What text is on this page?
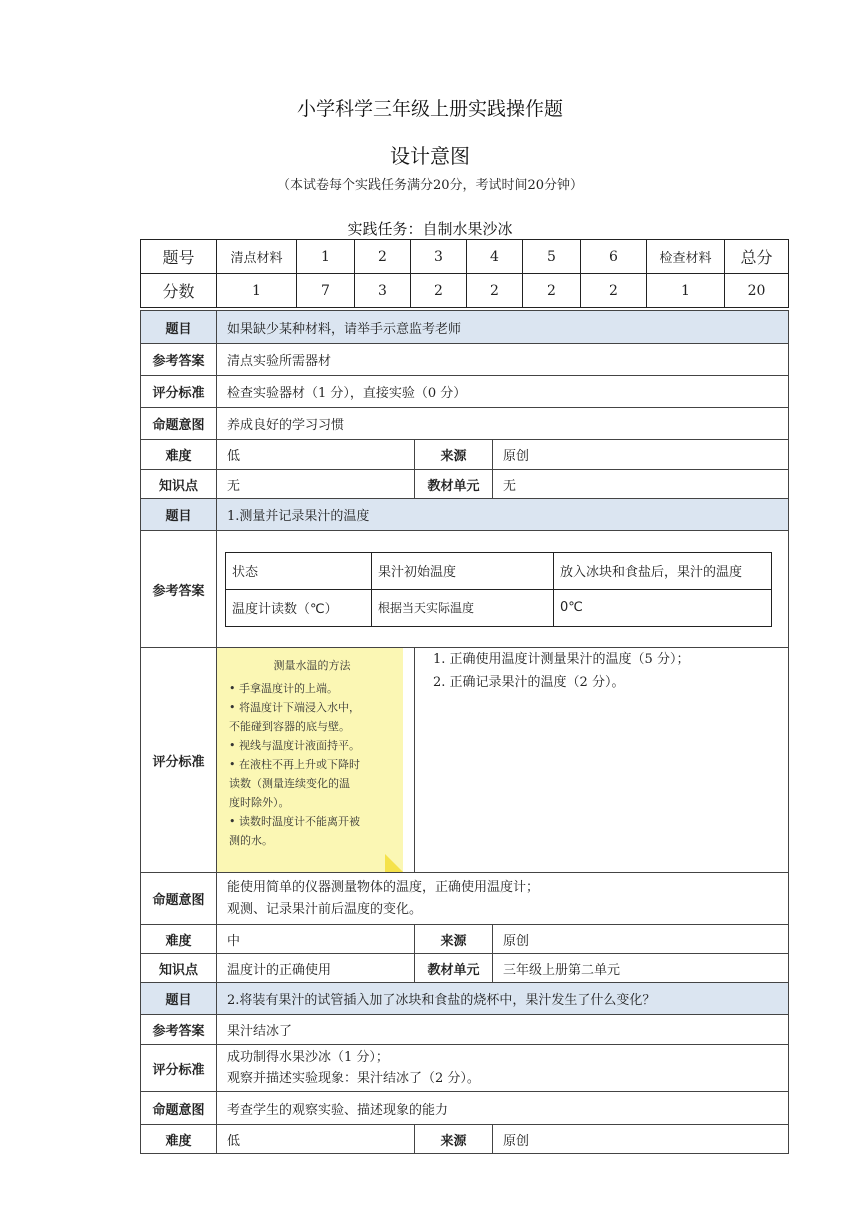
小学科学三年级上册实践操作题
设计意图
（本试卷每个实践任务满分20分，考试时间20分钟）
实践任务：自制水果沙冰
题号	清点材料	1	2	3	4	5	6	检查材料	总分
分数	1	7	3	2	2	2	2	1	20
题目	如果缺少某种材料，请举手示意监考老师
参考答案	清点实验所需器材
评分标准	检查实验器材（1 分），直接实验（0 分）
命题意图	养成良好的学习习惯
难度	低	来源	原创
知识点	无	教材单元	无
题目	1.测量并记录果汁的温度
参考答案	
状态	果汁初始温度	放入冰块和食盐后，果汁的温度
温度计读数（℃）	根据当天实际温度	0℃

评分标准	
测量水温的方法
• 手拿温度计的上端。
• 将温度计下端浸入水中，
不能碰到容器的底与壁。
• 视线与温度计液面持平。
• 在液柱不再上升或下降时
读数（测量连续变化的温
度时除外）。
• 读数时温度计不能离开被
测的水。

1. 正确使用温度计测量果汁的温度（5 分）；
2. 正确记录果汁的温度（2 分）。

命题意图	
能使用简单的仪器测量物体的温度，正确使用温度计；
观测、记录果汁前后温度的变化。

难度	中	来源	原创
知识点	温度计的正确使用	教材单元	三年级上册第二单元
题目	2.将装有果汁的试管插入加了冰块和食盐的烧杯中，果汁发生了什么变化？
参考答案	果汁结冰了
评分标准	
成功制得水果沙冰（1 分）；
观察并描述实验现象：果汁结冰了（2 分）。

命题意图	考查学生的观察实验、描述现象的能力
难度	低	来源	原创
